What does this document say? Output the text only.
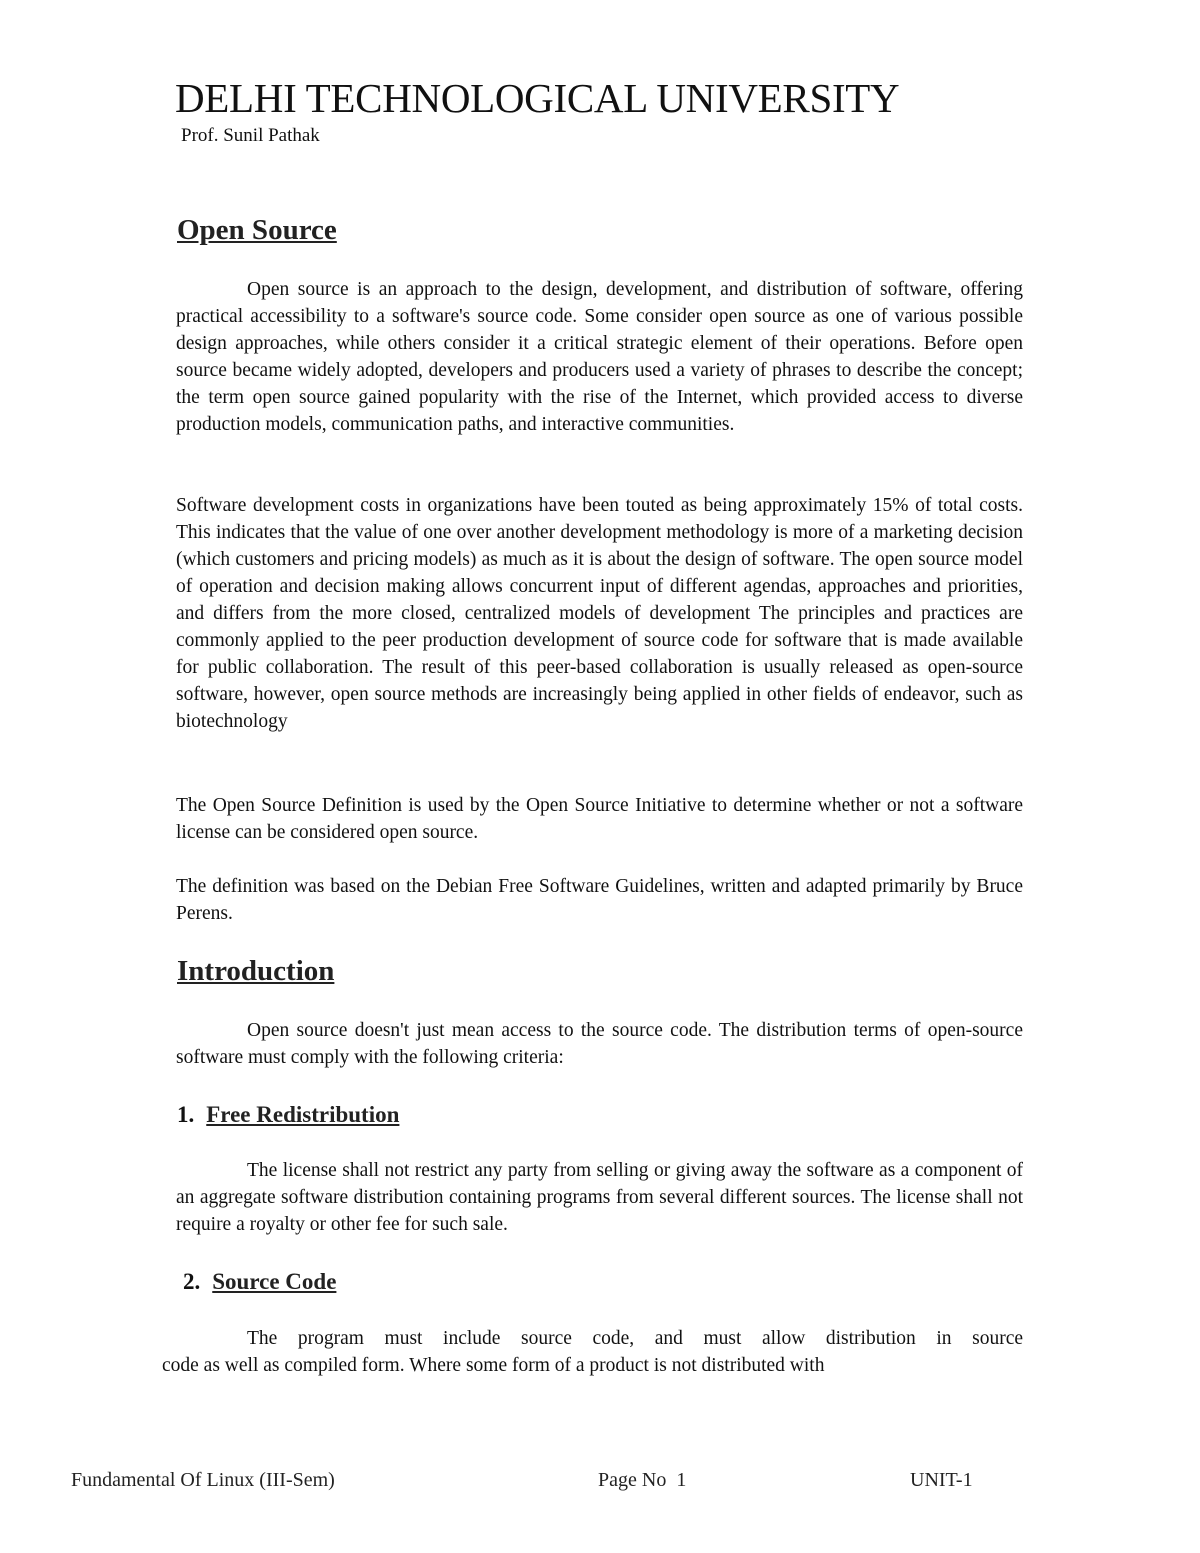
DELHI TECHNOLOGICAL UNIVERSITY
Prof. Sunil Pathak
Open Source

Open source is an approach to the design, development, and distribution of software, offering practical accessibility to a software's source code. Some consider open source as one of various possible design approaches, while others consider it a critical strategic element of their operations. Before open source became widely adopted, developers and producers used a variety of phrases to describe the concept; the term open source gained popularity with the rise of the Internet, which provided access to diverse production models, communication paths, and interactive communities.

Software development costs in organizations have been touted as being approximately 15% of total costs. This indicates that the value of one over another development methodology is more of a marketing decision (which customers and pricing models) as much as it is about the design of software. The open source model of operation and decision making allows concurrent input of different agendas, approaches and priorities, and differs from the more closed, centralized models of development The principles and practices are commonly applied to the peer production development of source code for software that is made available for public collaboration. The result of this peer-based collaboration is usually released as open-source software, however, open source methods are increasingly being applied in other fields of endeavor, such as biotechnology

The Open Source Definition is used by the Open Source Initiative to determine whether or not a software license can be considered open source.

The definition was based on the Debian Free Software Guidelines, written and adapted primarily by Bruce Perens.

Introduction

Open source doesn't just mean access to the source code. The distribution terms of open-source software must comply with the following criteria:

1. Free Redistribution

The license shall not restrict any party from selling or giving away the software as a component of an aggregate software distribution containing programs from several different sources. The license shall not require a royalty or other fee for such sale.

2. Source Code
The program must include source code, and must allow distribution in source
code as well as compiled form. Where some form of a product is not distributed with
Fundamental Of Linux (III-Sem)	Page No  1	UNIT-1
